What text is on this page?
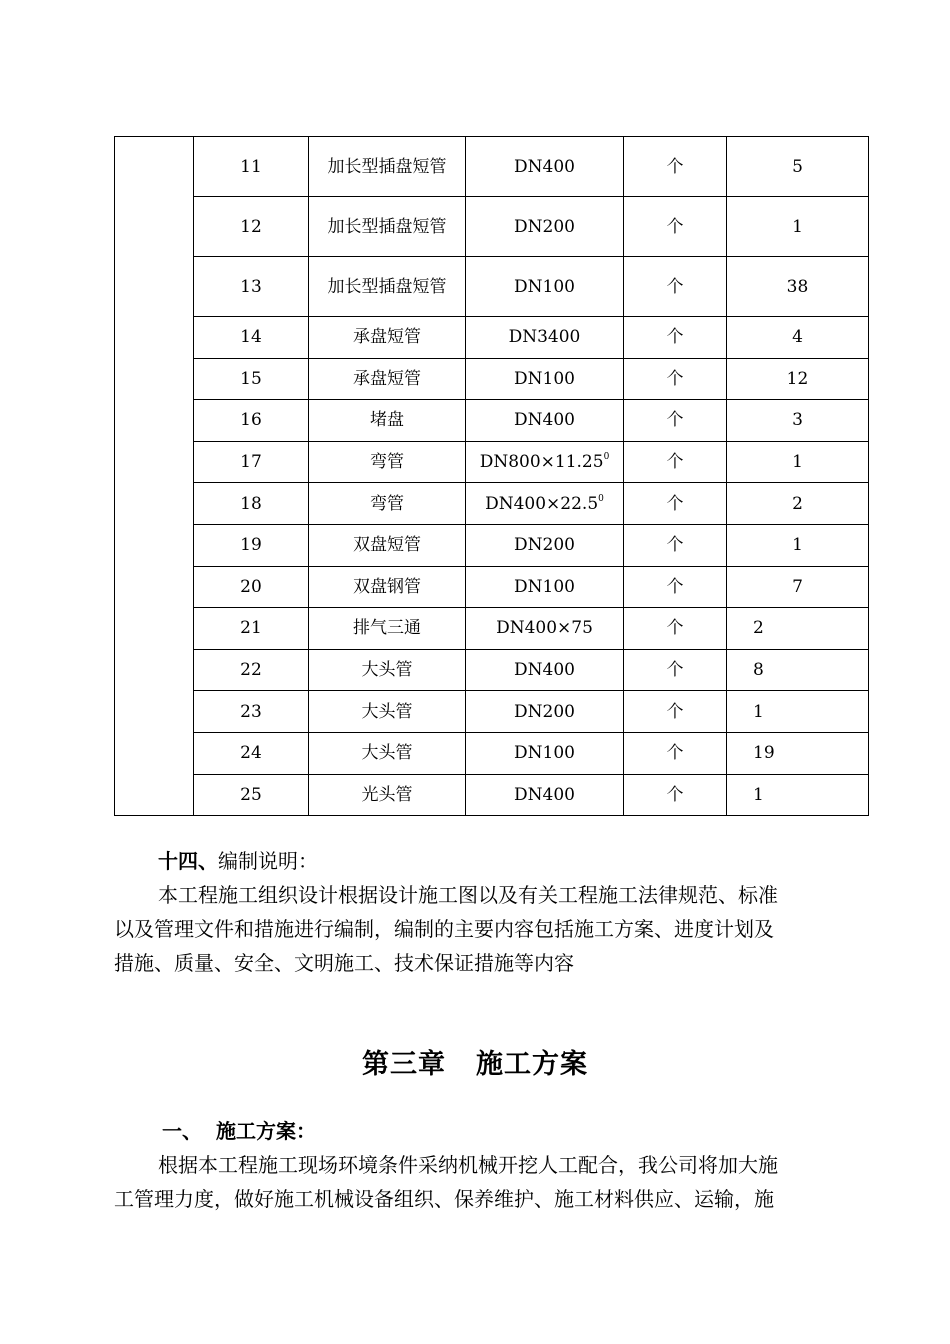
	11	加长型插盘短管	DN400	个	5
	12	加长型插盘短管	DN200	个	1
	13	加长型插盘短管	DN100	个	38
	14	承盘短管	DN3400	个	4
	15	承盘短管	DN100	个	12
	16	堵盘	DN400	个	3
	17	弯管	$DN800\times 11.25^0$	个	1
	18	弯管	$DN400\times 22.5^0$	个	2
	19	双盘短管	DN200	个	1
	20	双盘钢管	DN100	个	7
	21	排气三通	DN400×75	个	2
	22	大头管	DN400	个	8
	23	大头管	DN200	个	1
	24	大头管	DN100	个	19
	25	光头管	DN400	个	1

十四、编制说明：

本工程施工组织设计根据设计施工图以及有关工程施工法律规范、标准

以及管理文件和措施进行编制，编制的主要内容包括施工方案、进度计划及

措施、质量、安全、文明施工、技术保证措施等内容

第三章 施工方案
一、 施工方案：

根据本工程施工现场环境条件采纳机械开挖人工配合，我公司将加大施

工管理力度，做好施工机械设备组织、保养维护、施工材料供应、运输，施
